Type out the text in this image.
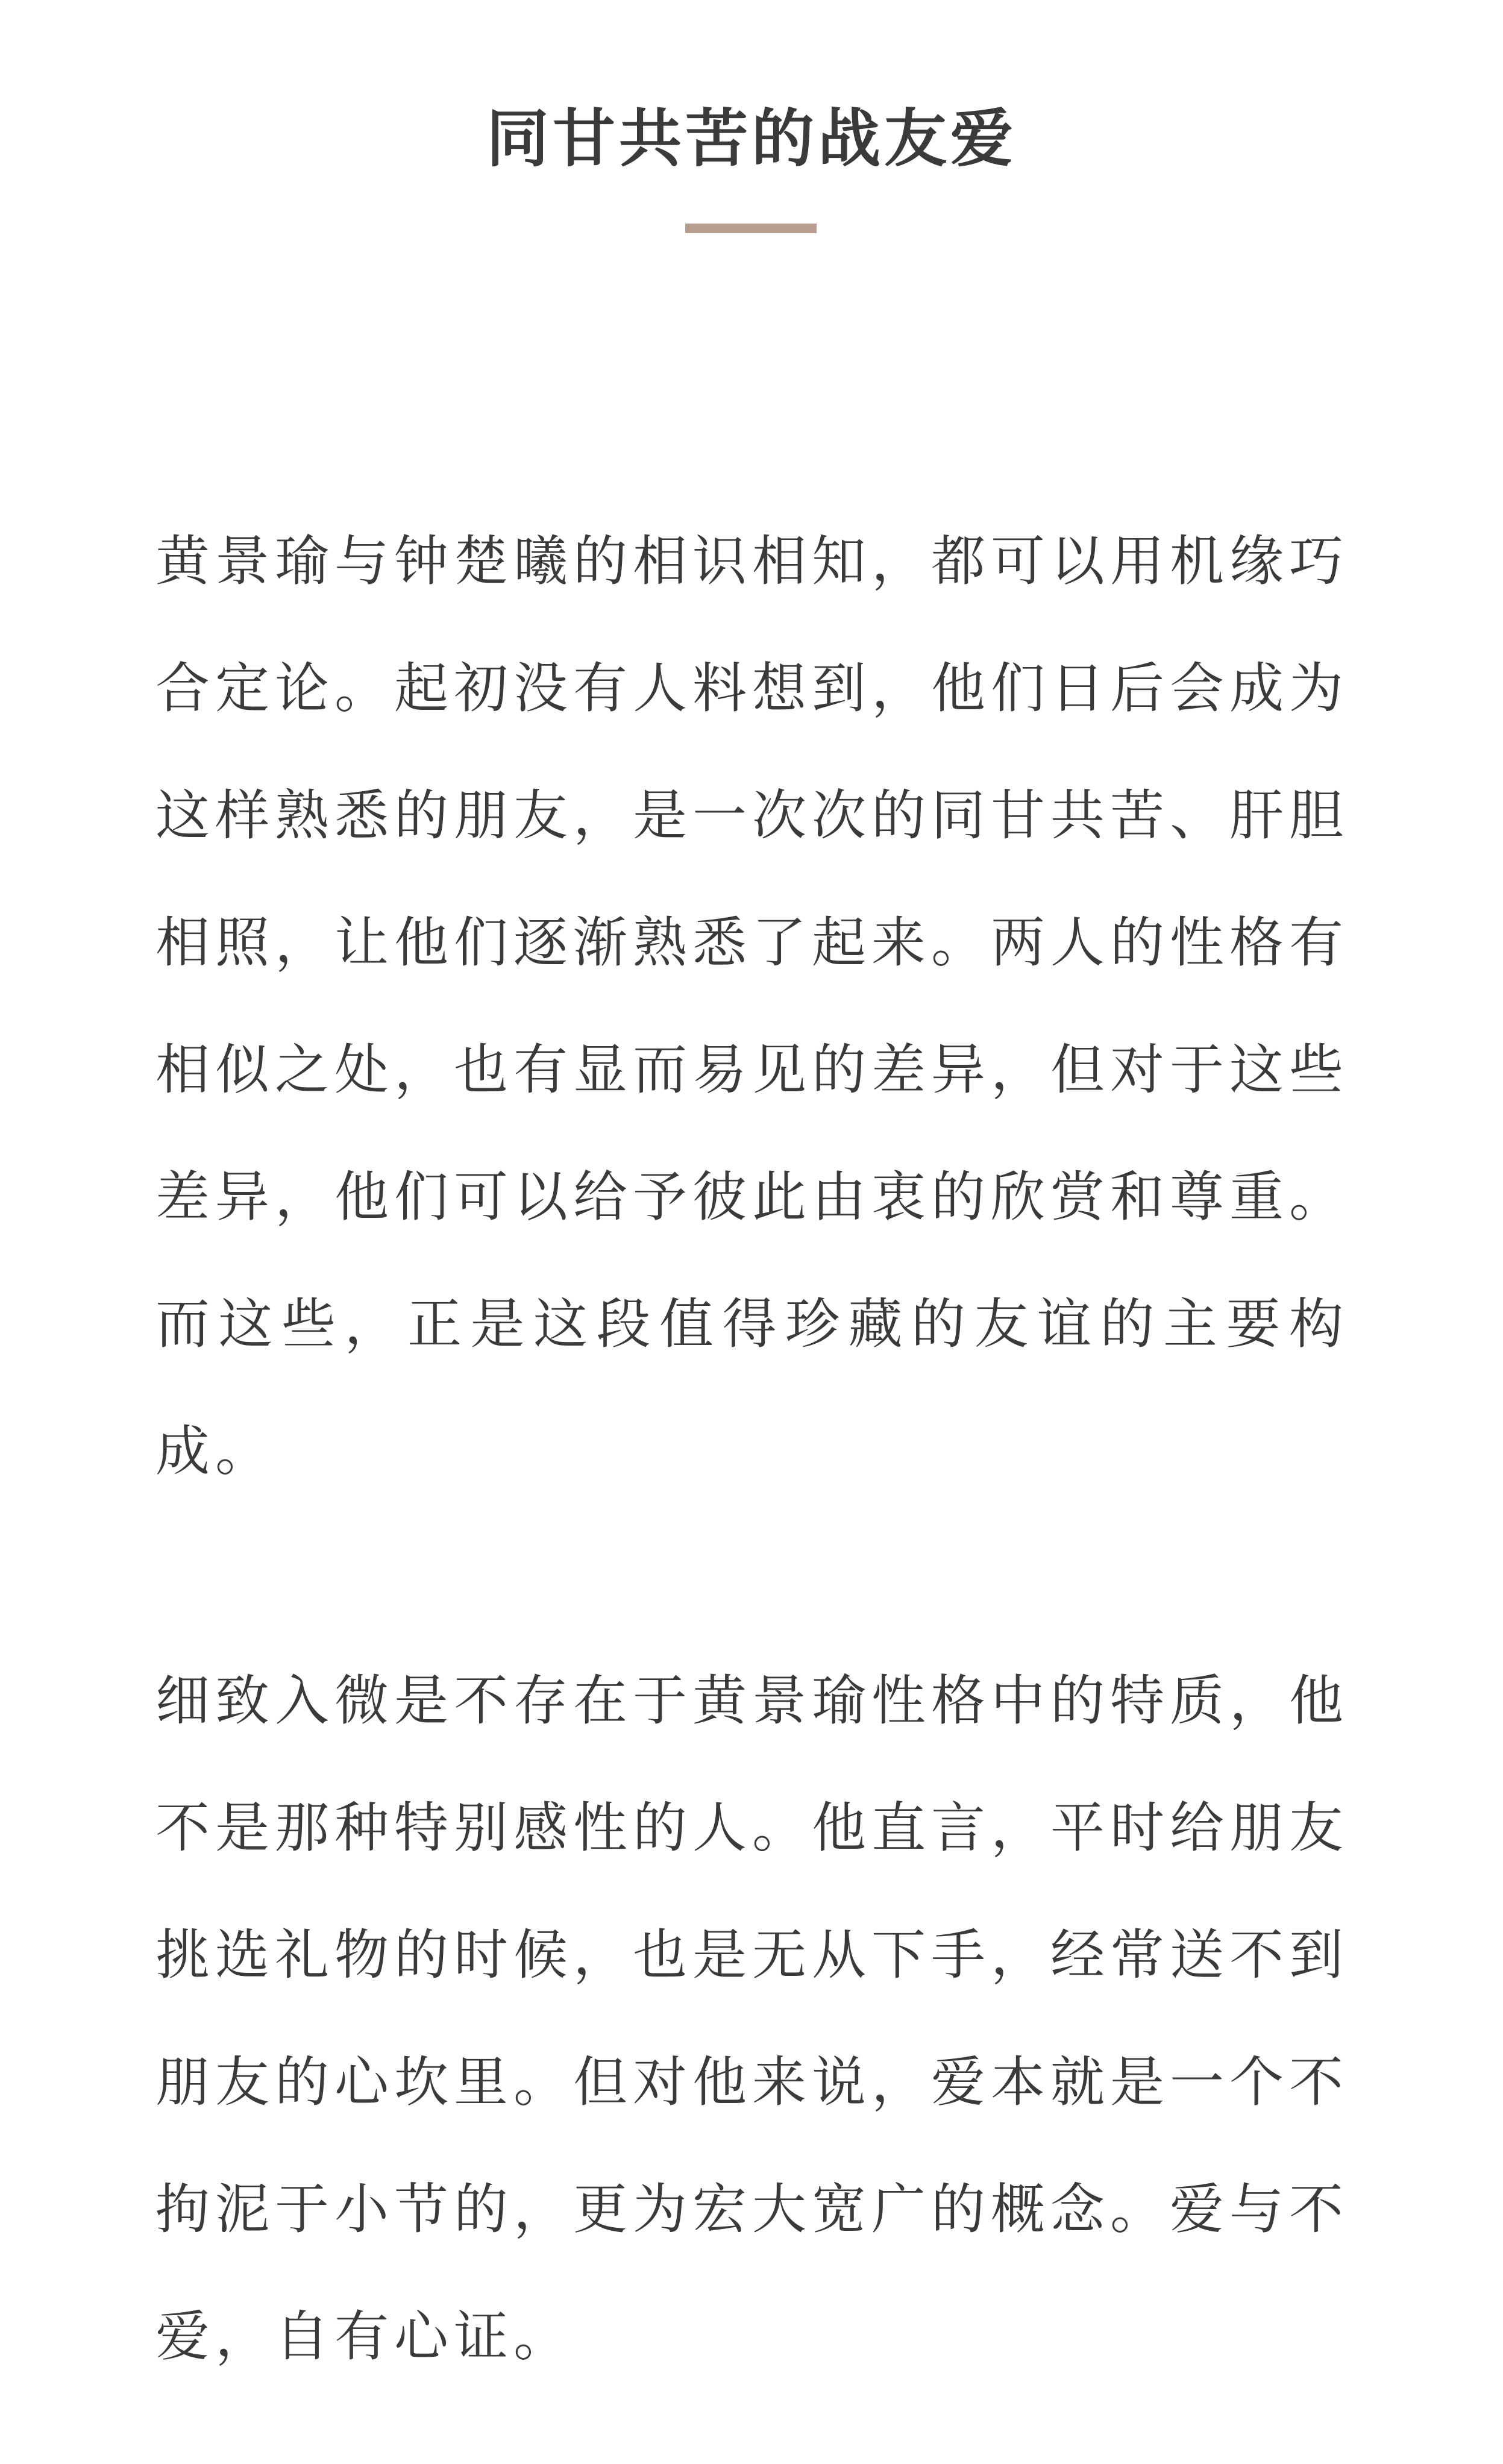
同甘共苦的战友爱

黄景瑜与钟楚曦的相识相知，都可以用机缘巧合定论。起初没有人料想到，他们日后会成为这样熟悉的朋友，是一次次的同甘共苦、肝胆相照，让他们逐渐熟悉了起来。两人的性格有相似之处，也有显而易见的差异，但对于这些差异，他们可以给予彼此由衷的欣赏和尊重。而这些，正是这段值得珍藏的友谊的主要构成。

细致入微是不存在于黄景瑜性格中的特质，他不是那种特别感性的人。他直言，平时给朋友挑选礼物的时候，也是无从下手，经常送不到朋友的心坎里。但对他来说，爱本就是一个不拘泥于小节的，更为宏大宽广的概念。爱与不爱，自有心证。
